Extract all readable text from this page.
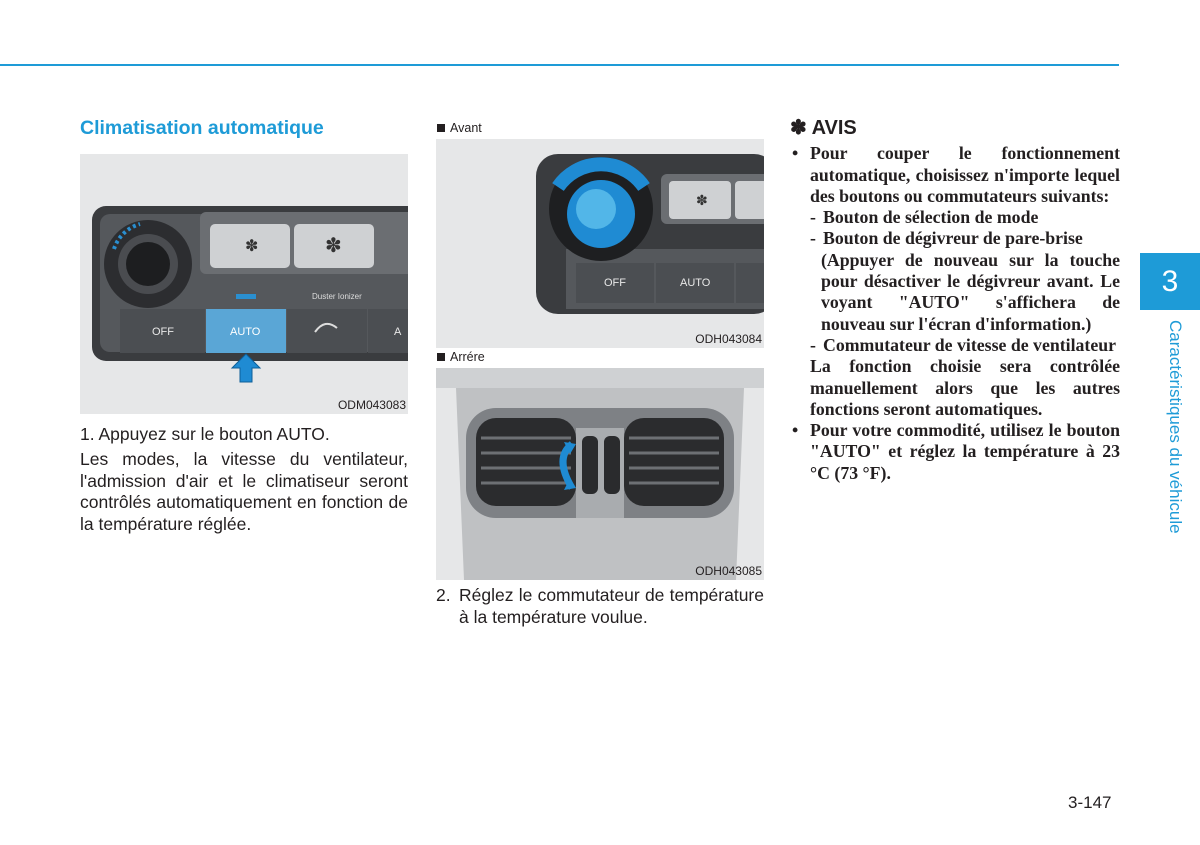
Climatisation automatique
✽	✽
Duster Ionizer
OFF	AUTO	A
ODM043083
1. Appuyez sur le bouton AUTO.
Les modes, la vitesse du ventilateur, l'admission d'air et le climatiseur seront contrôlés automatiquement en fonction de la température réglée.
Avant
✽
OFF	AUTO
ODH043084
Arrére
ODH043085
2. Réglez le commutateur de température à la température voulue.
✽ AVIS
• Pour couper le fonctionnement automatique, choisissez n'importe lequel des boutons ou commutateurs suivants:
- Bouton de sélection de mode
- Bouton de dégivreur de pare-brise
(Appuyer de nouveau sur la touche pour désactiver le dégivreur avant. Le voyant "AUTO" s'affichera de nouveau sur l'écran d'information.)
- Commutateur de vitesse de ventilateur
La fonction choisie sera contrôlée manuellement alors que les autres fonctions seront automatiques.
• Pour votre commodité, utilisez le bouton "AUTO" et réglez la température à 23 °C (73 °F).
3
Caractéristiques du véhicule
3-147
